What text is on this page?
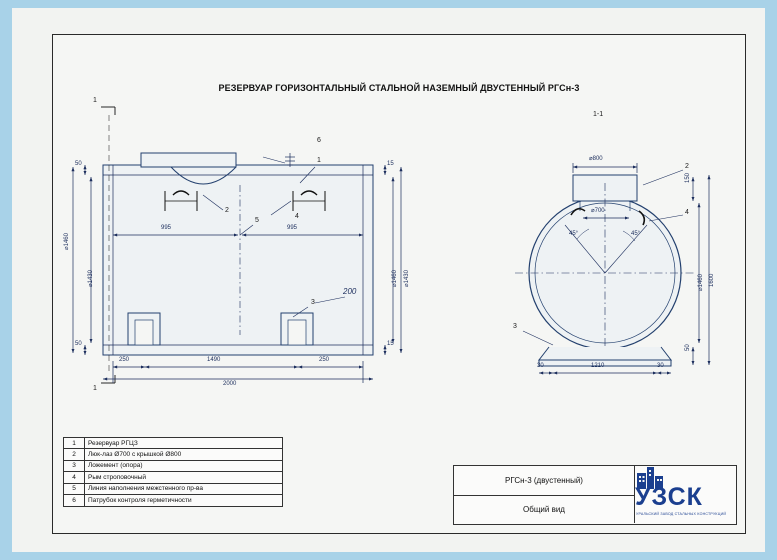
РЕЗЕРВУАР ГОРИЗОНТАЛЬНЫЙ СТАЛЬНОЙ НАЗЕМНЫЙ ДВУСТЕННЫЙ РГСн-3
1
1
1-1
6
1
2
5
4
3
50
50
⌀1460
⌀1430
15
15
⌀1460 ⌀1430
995	995
250	1490	250
2000
200
2
4
3
⌀800
⌀700
45°	45°
150
⌀1460 1600
50
30	1210	30
1	Резервуар РГЦЗ
2	Люк-лаз Ø700 с крышкой Ø800
3	Ложемент (опора)
4	Рым строповочный
5	Линия наполнения межстенного пр-ва
6	Патрубок контроля герметичности
РГСн-3 (двустенный)
Общий вид	УЗСК
УРАЛЬСКИЙ ЗАВОД СТАЛЬНЫХ КОНСТРУКЦИЙ
